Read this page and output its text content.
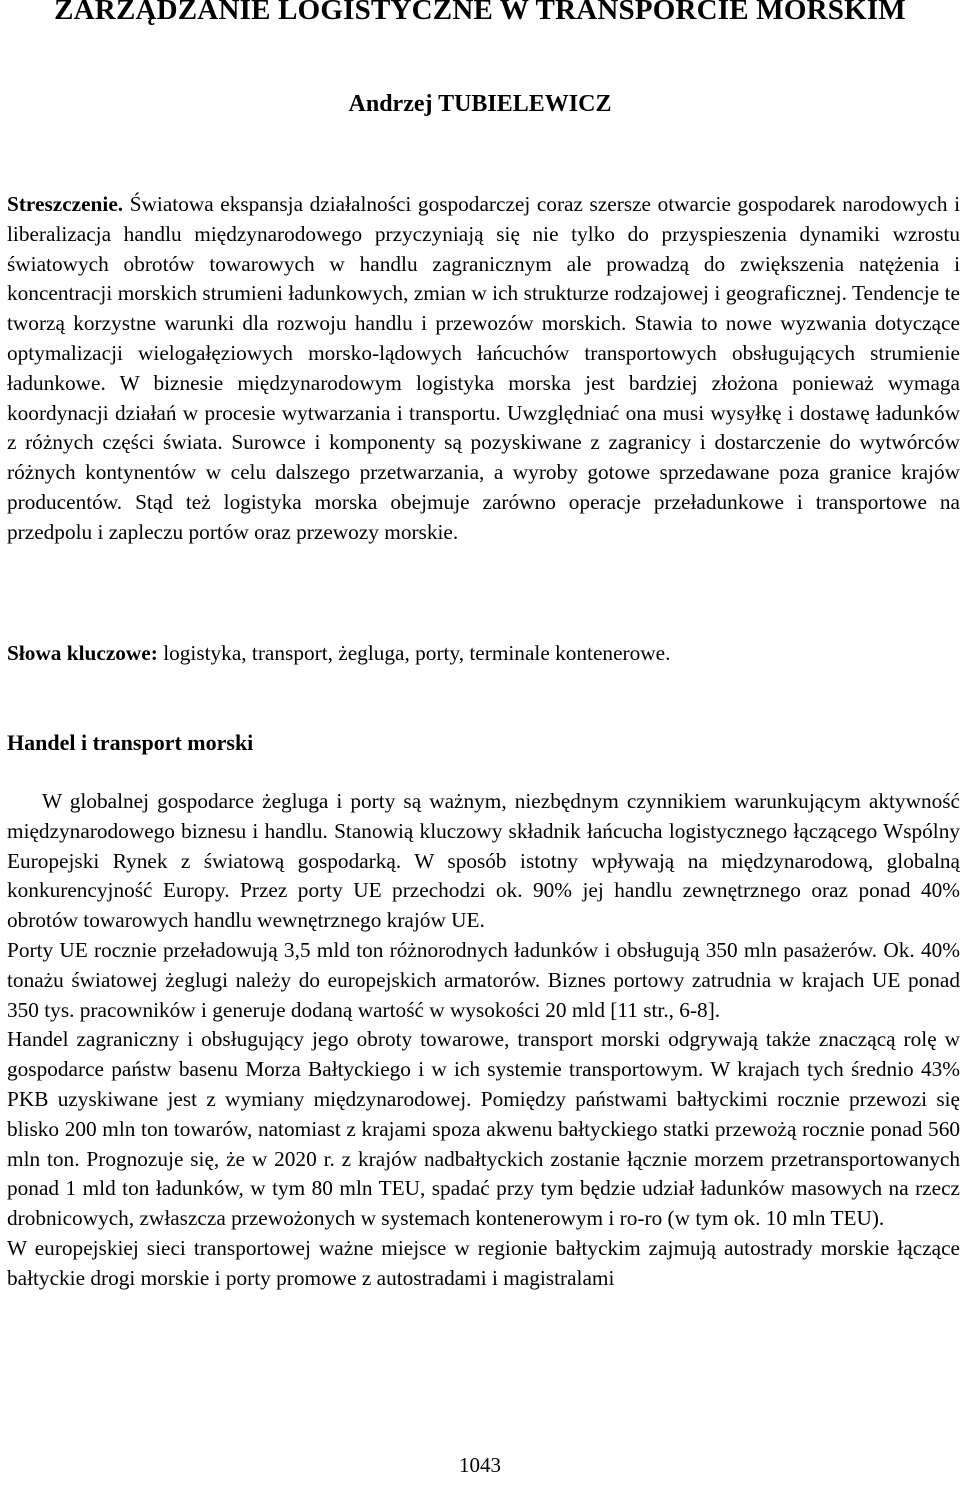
ZARZĄDZANIE LOGISTYCZNE W TRANSPORCIE MORSKIM
Andrzej TUBIELEWICZ

Streszczenie. Światowa ekspansja działalności gospodarczej coraz szersze otwarcie gospodarek narodowych i liberalizacja handlu międzynarodowego przyczyniają się nie tylko do przyspieszenia dynamiki wzrostu światowych obrotów towarowych w handlu zagranicznym ale prowadzą do zwiększenia natężenia i koncentracji morskich strumieni ładunkowych, zmian w ich strukturze rodzajowej i geograficznej. Tendencje te tworzą korzystne warunki dla rozwoju handlu i przewozów morskich. Stawia to nowe wyzwania dotyczące optymalizacji wielogałęziowych morsko-lądowych łańcuchów transportowych obsługujących strumienie ładunkowe. W biznesie międzynarodowym logistyka morska jest bardziej złożona ponieważ wymaga koordynacji działań w procesie wytwarzania i transportu. Uwzględniać ona musi wysyłkę i dostawę ładunków z różnych części świata. Surowce i komponenty są pozyskiwane z zagranicy i dostarczenie do wytwórców różnych kontynentów w celu dalszego przetwarzania, a wyroby gotowe sprzedawane poza granice krajów producentów. Stąd też logistyka morska obejmuje zarówno operacje przeładunkowe i transportowe na przedpolu i zapleczu portów oraz przewozy morskie.

Słowa kluczowe: logistyka, transport, żegluga, porty, terminale kontenerowe.

Handel i transport morski

W globalnej gospodarce żegluga i porty są ważnym, niezbędnym czynnikiem warunkującym aktywność międzynarodowego biznesu i handlu. Stanowią kluczowy składnik łańcucha logistycznego łączącego Wspólny Europejski Rynek z światową gospodarką. W sposób istotny wpływają na międzynarodową, globalną konkurencyjność Europy. Przez porty UE przechodzi ok. 90% jej handlu zewnętrznego oraz ponad 40% obrotów towarowych handlu wewnętrznego krajów UE.

Porty UE rocznie przeładowują 3,5 mld ton różnorodnych ładunków i obsługują 350 mln pasażerów. Ok. 40% tonażu światowej żeglugi należy do europejskich armatorów. Biznes portowy zatrudnia w krajach UE ponad 350 tys. pracowników i generuje dodaną wartość w wysokości 20 mld [11 str., 6-8].

Handel zagraniczny i obsługujący jego obroty towarowe, transport morski odgrywają także znaczącą rolę w gospodarce państw basenu Morza Bałtyckiego i w ich systemie transportowym. W krajach tych średnio 43% PKB uzyskiwane jest z wymiany międzynarodowej. Pomiędzy państwami bałtyckimi rocznie przewozi się blisko 200 mln ton towarów, natomiast z krajami spoza akwenu bałtyckiego statki przewożą rocznie ponad 560 mln ton. Prognozuje się, że w 2020 r. z krajów nadbałtyckich zostanie łącznie morzem przetransportowanych ponad 1 mld ton ładunków, w tym 80 mln TEU, spadać przy tym będzie udział ładunków masowych na rzecz drobnicowych, zwłaszcza przewożonych w systemach kontenerowym i ro-ro (w tym ok. 10 mln TEU).

W europejskiej sieci transportowej ważne miejsce w regionie bałtyckim zajmują autostrady morskie łączące bałtyckie drogi morskie i porty promowe z autostradami i magistralami

1043
